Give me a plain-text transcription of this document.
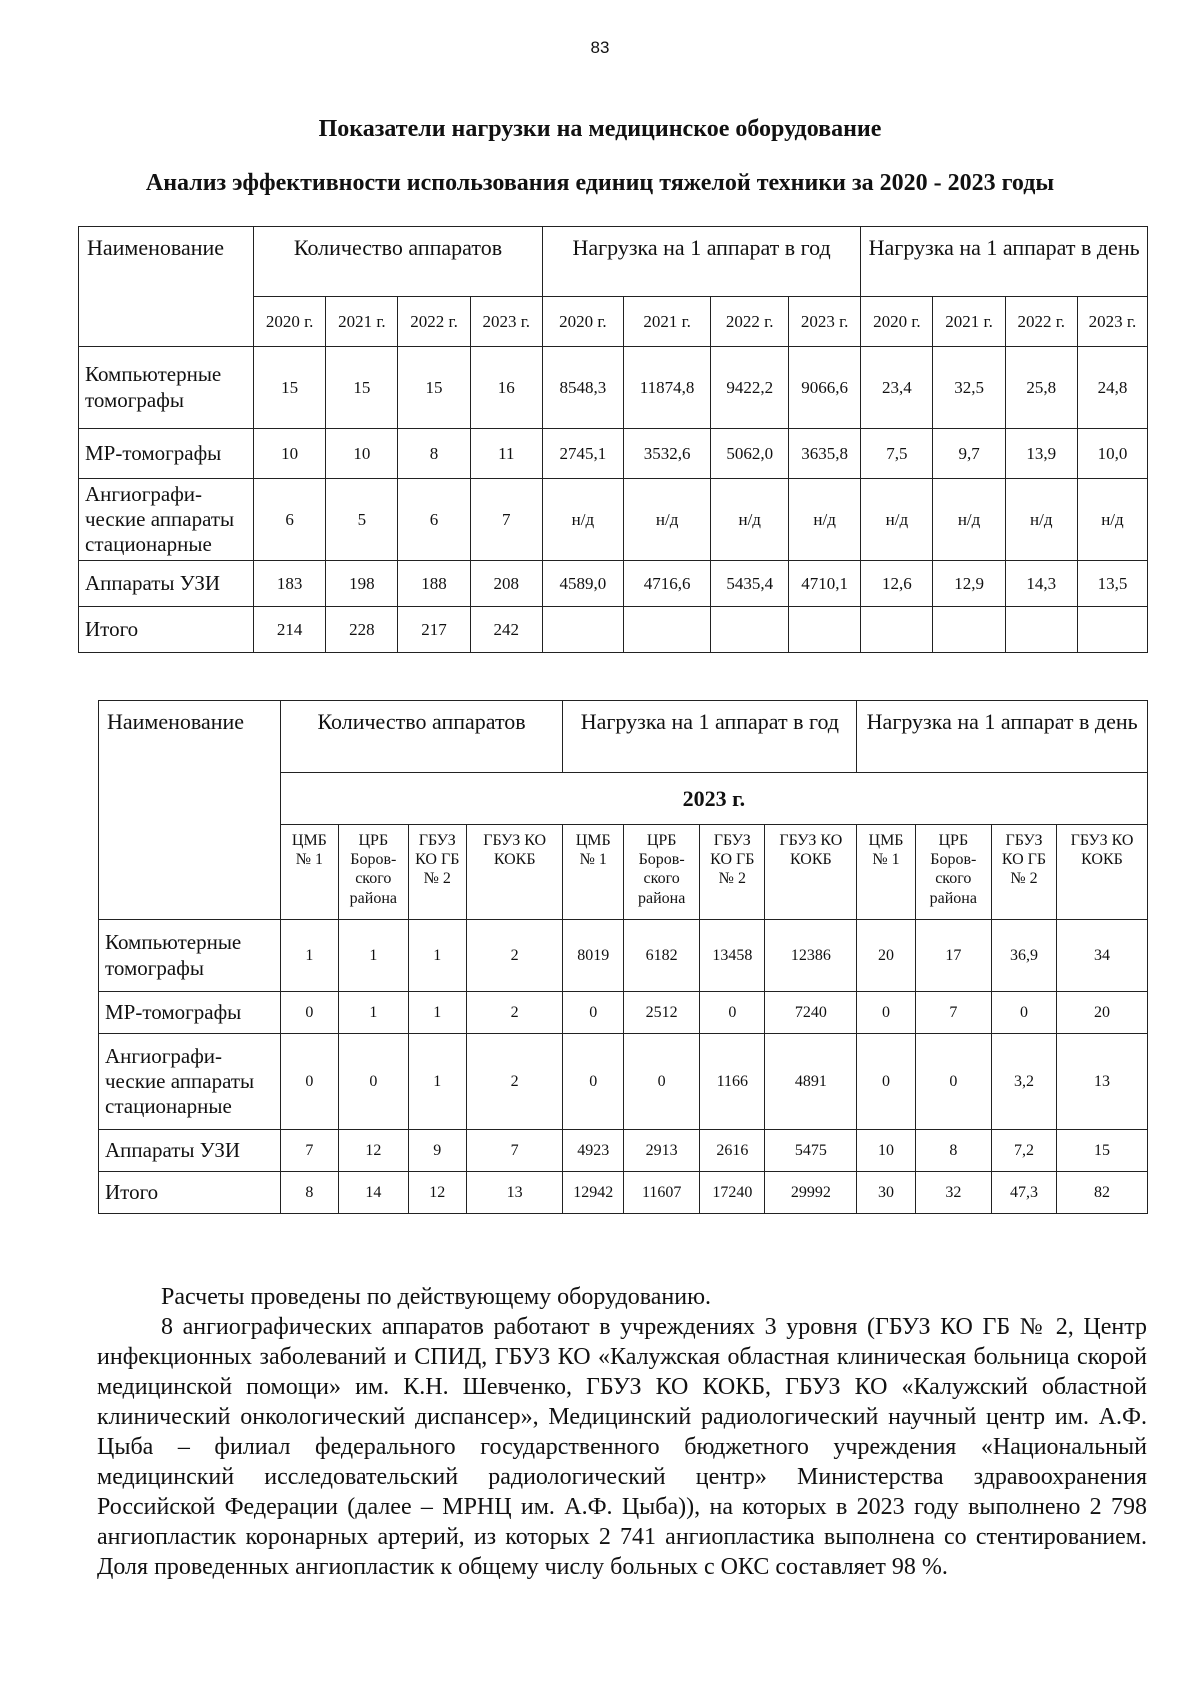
83
Показатели нагрузки на медицинское оборудование
Анализ эффективности использования единиц тяжелой техники за 2020 - 2023 годы
Наименование	Количество аппаратов				Нагрузка на 1 аппарат в год				Нагрузка на 1 аппарат в день			
	2020 г.	2021 г.	2022 г.	2023 г.	2020 г.	2021 г.	2022 г.	2023 г.	2020 г.	2021 г.	2022 г.	2023 г.
Компьютерные томографы	15	15	15	16	8548,3	11874,8	9422,2	9066,6	23,4	32,5	25,8	24,8
МР-томографы	10	10	8	11	2745,1	3532,6	5062,0	3635,8	7,5	9,7	13,9	10,0
Ангиографи-ческие аппараты стационарные	6	5	6	7	н/д	н/д	н/д	н/д	н/д	н/д	н/д	н/д
Аппараты УЗИ	183	198	188	208	4589,0	4716,6	5435,4	4710,1	12,6	12,9	14,3	13,5
Итого	214	228	217	242								
Наименование	Количество аппаратов				Нагрузка на 1 аппарат в год				Нагрузка на 1 аппарат в день			
	2023 г.											
	ЦМБ № 1	ЦРБ Боров-ского района	ГБУЗ КО ГБ № 2	ГБУЗ КО КОКБ	ЦМБ № 1	ЦРБ Боров-ского района	ГБУЗ КО ГБ № 2	ГБУЗ КО КОКБ	ЦМБ № 1	ЦРБ Боров-ского района	ГБУЗ КО ГБ № 2	ГБУЗ КО КОКБ
Компьютерные томографы	1	1	1	2	8019	6182	13458	12386	20	17	36,9	34
МР-томографы	0	1	1	2	0	2512	0	7240	0	7	0	20
Ангиографи-ческие аппараты стационарные	0	0	1	2	0	0	1166	4891	0	0	3,2	13
Аппараты УЗИ	7	12	9	7	4923	2913	2616	5475	10	8	7,2	15
Итого	8	14	12	13	12942	11607	17240	29992	30	32	47,3	82

Расчеты проведены по действующему оборудованию.

8 ангиографических аппаратов работают в учреждениях 3 уровня (ГБУЗ КО ГБ № 2, Центр инфекционных заболеваний и СПИД, ГБУЗ КО «Калужская областная клиническая больница скорой медицинской помощи» им. К.Н. Шевченко, ГБУЗ КО КОКБ, ГБУЗ КО «Калужский областной клинический онкологический диспансер», Медицинский радиологический научный центр им. А.Ф. Цыба – филиал федерального государственного бюджетного учреждения «Национальный медицинский исследовательский радиологический центр» Министерства здравоохранения Российской Федерации (далее – МРНЦ им. А.Ф. Цыба)), на которых в 2023 году выполнено 2 798 ангиопластик коронарных артерий, из которых 2 741 ангиопластика выполнена со стентированием. Доля проведенных ангиопластик к общему числу больных с ОКС составляет 98 %.
